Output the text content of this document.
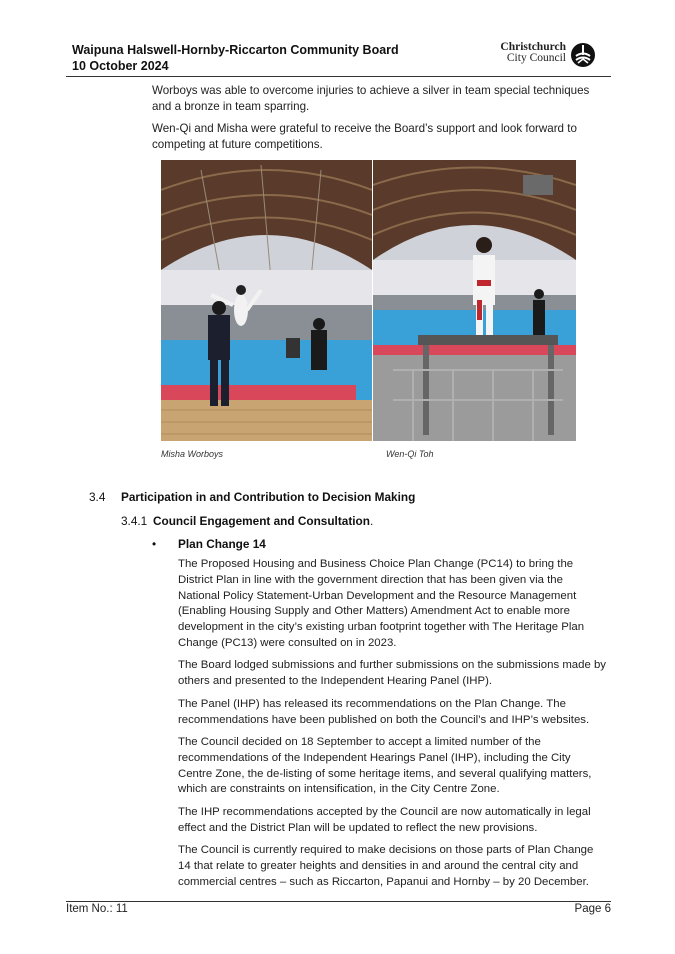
Waipuna Halswell-Hornby-Riccarton Community Board
10 October 2024
Christchurch
City Council
Worboys was able to overcome injuries to achieve a silver in team special techniques and a bronze in team sparring.
Wen-Qi and Misha were grateful to receive the Board’s support and look forward to competing at future competitions.
Misha Worboys	Wen-Qi Toh
3.4 Participation in and Contribution to Decision Making
3.4.1 Council Engagement and Consultation.
• Plan Change 14
The Proposed Housing and Business Choice Plan Change (PC14) to bring the District Plan in line with the government direction that has been given via the National Policy Statement-Urban Development and the Resource Management (Enabling Housing Supply and Other Matters) Amendment Act to enable more development in the city’s existing urban footprint together with The Heritage Plan Change (PC13) were consulted on in 2023.
The Board lodged submissions and further submissions on the submissions made by others and presented to the Independent Hearing Panel (IHP).
The Panel (IHP) has released its recommendations on the Plan Change. The recommendations have been published on both the Council’s and IHP’s websites.
The Council decided on 18 September to accept a limited number of the recommendations of the Independent Hearings Panel (IHP), including the City Centre Zone, the de-listing of some heritage items, and several qualifying matters, which are constraints on intensification, in the City Centre Zone.
The IHP recommendations accepted by the Council are now automatically in legal effect and the District Plan will be updated to reflect the new provisions.
The Council is currently required to make decisions on those parts of Plan Change 14 that relate to greater heights and densities in and around the central city and commercial centres – such as Riccarton, Papanui and Hornby – by 20 December.
Item No.: 11	Page 6
